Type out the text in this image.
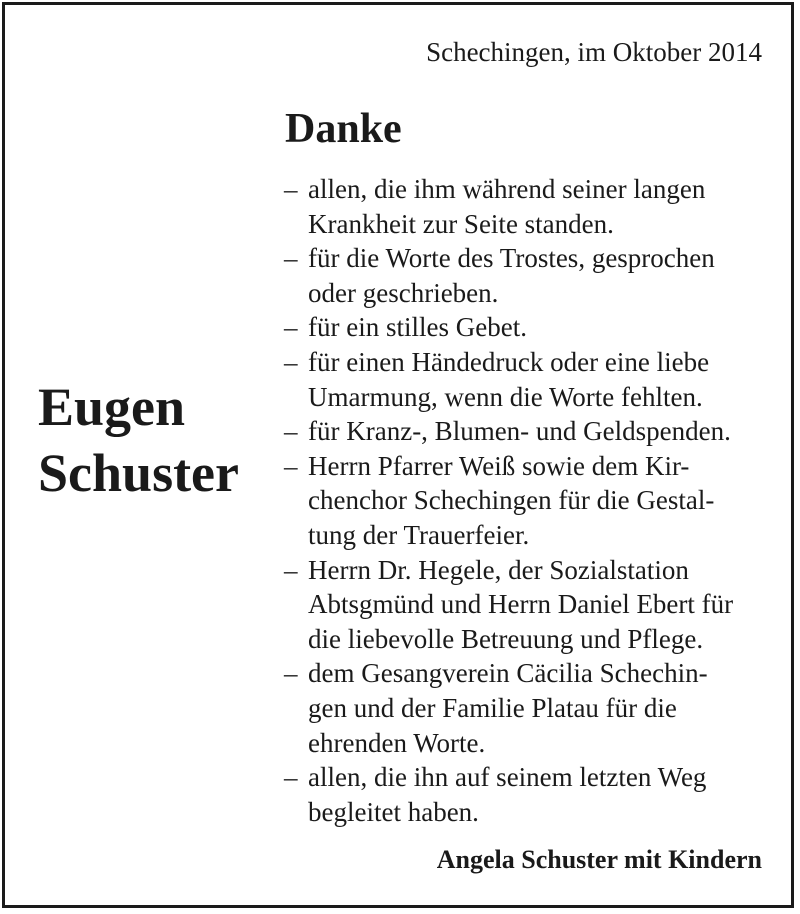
Schechingen, im Oktober 2014
Danke
Eugen
Schuster
– allen, die ihm während seiner langen
Krankheit zur Seite standen.
– für die Worte des Trostes, gesprochen
oder geschrieben.
– für ein stilles Gebet.
– für einen Händedruck oder eine liebe
Umarmung, wenn die Worte fehlten.
– für Kranz-, Blumen- und Geldspenden.
– Herrn Pfarrer Weiß sowie dem Kir-
chenchor Schechingen für die Gestal-
tung der Trauerfeier.
– Herrn Dr. Hegele, der Sozialstation
Abtsgmünd und Herrn Daniel Ebert für
die liebevolle Betreuung und Pflege.
– dem Gesangverein Cäcilia Schechin-
gen und der Familie Platau für die
ehrenden Worte.
– allen, die ihn auf seinem letzten Weg
begleitet haben.
Angela Schuster mit Kindern
